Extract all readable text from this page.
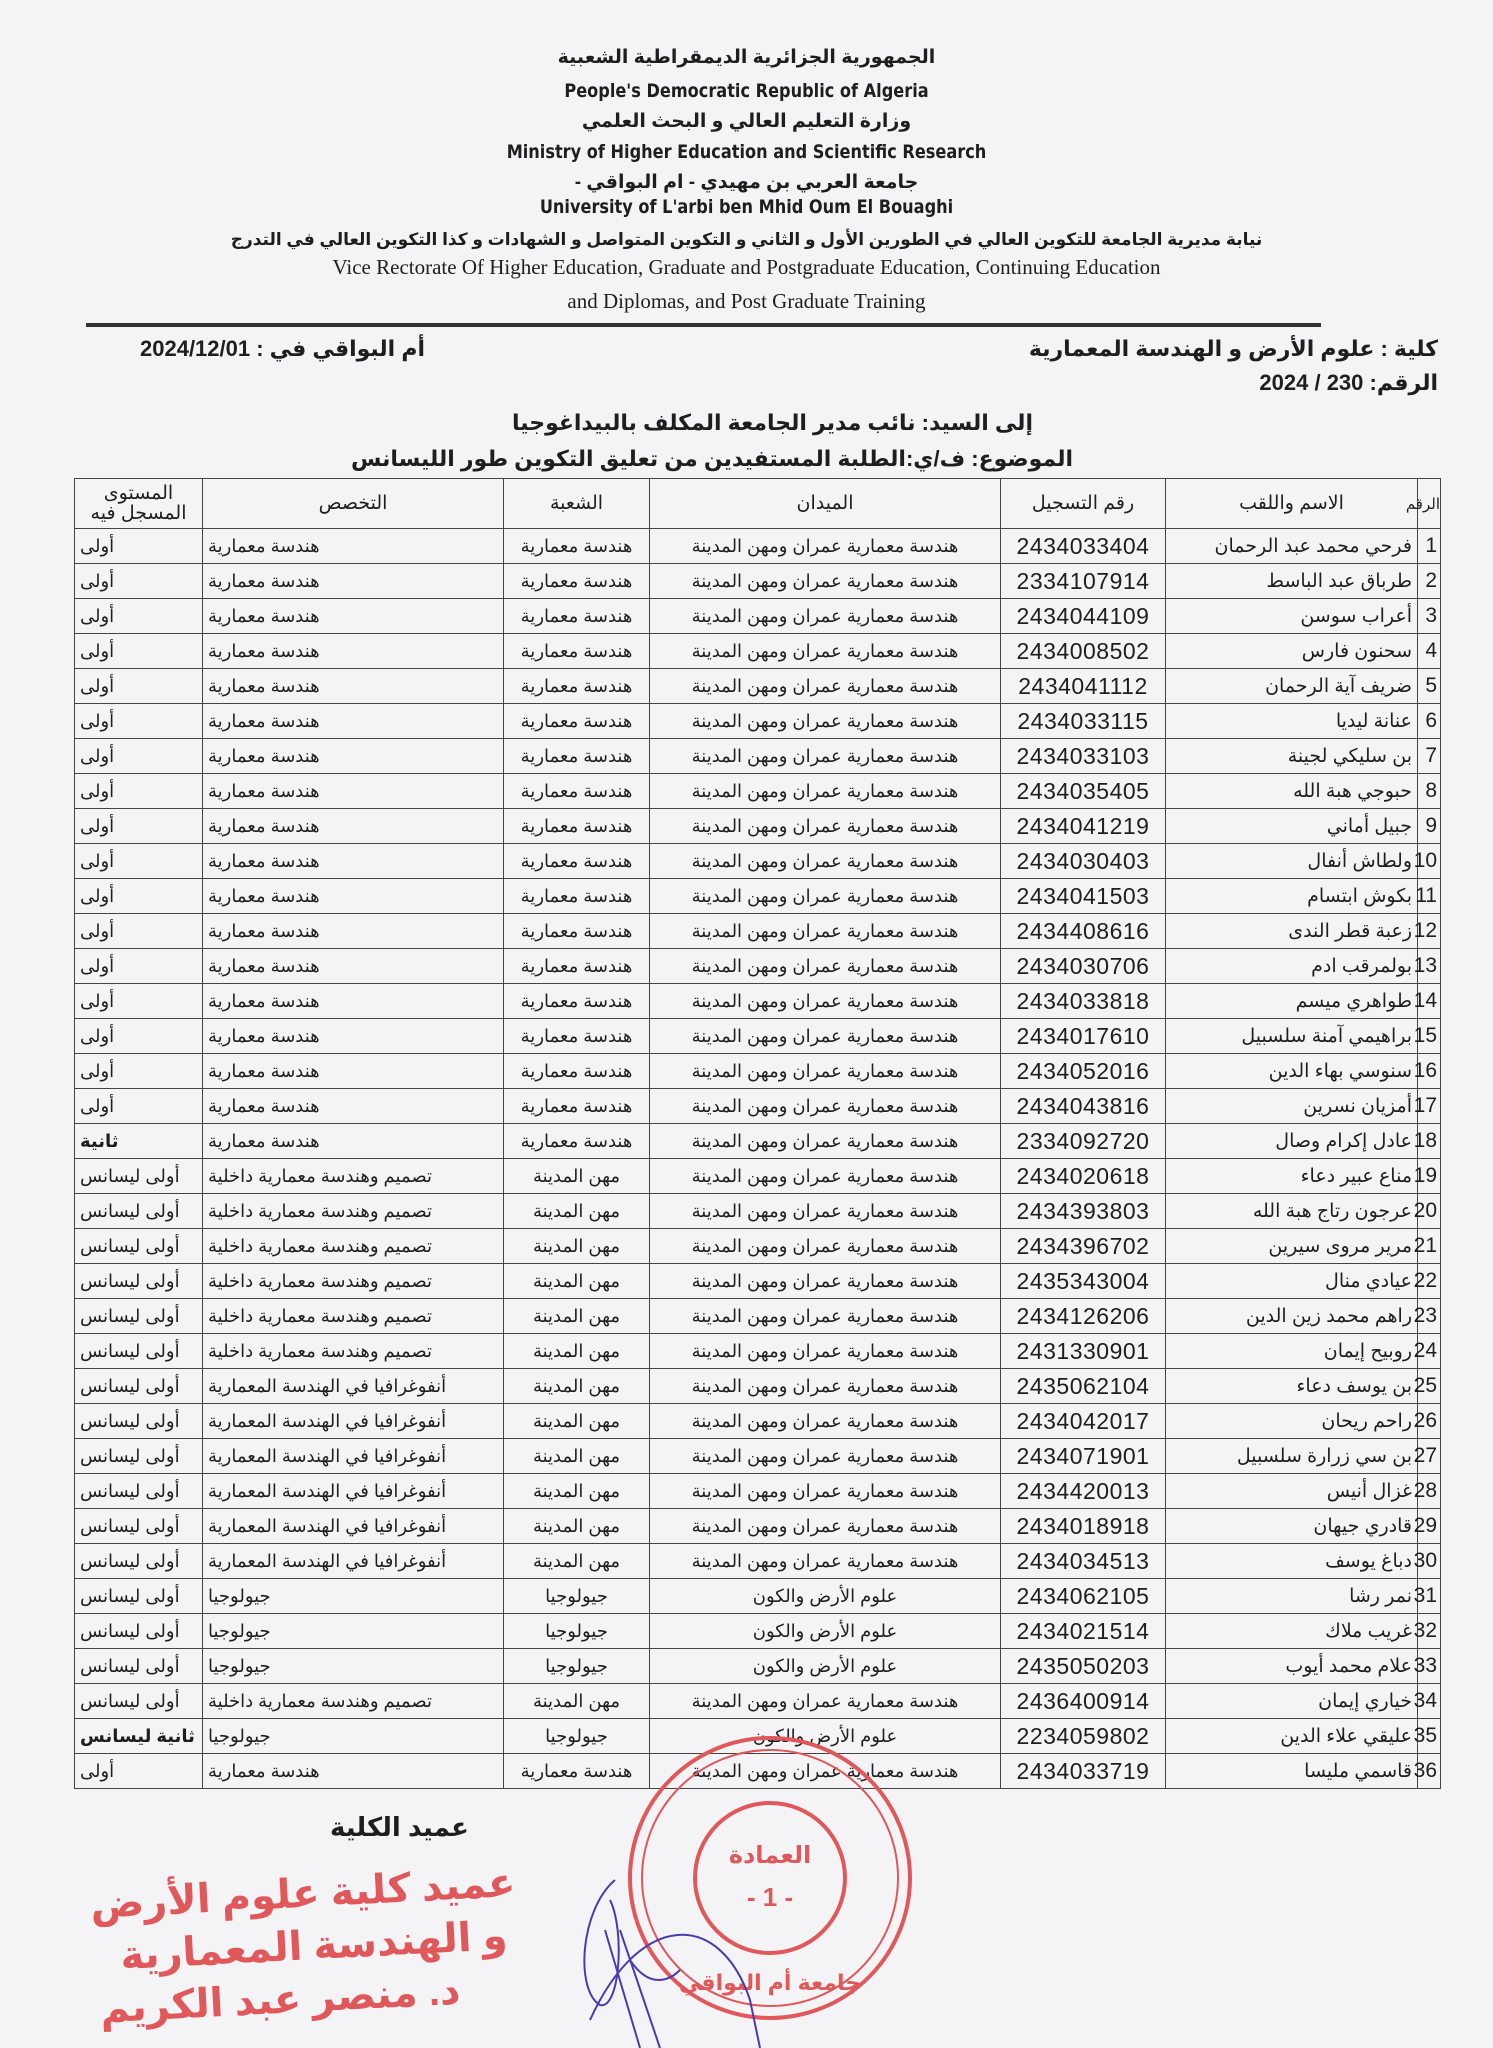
الجمهورية الجزائرية الديمقراطية الشعبية
People's Democratic Republic of Algeria
وزارة التعليم العالي و البحث العلمي
Ministry of Higher Education and Scientific Research
جامعة العربي بن مهيدي - ام البواقي -
University of L'arbi ben Mhid Oum El Bouaghi
نيابة مديرية الجامعة للتكوين العالي في الطورين الأول و الثاني و التكوين المتواصل و الشهادات و كذا التكوين العالي في التدرج
Vice Rectorate Of Higher Education, Graduate and Postgraduate Education, Continuing Education
and Diplomas, and Post Graduate Training
كلية : علوم الأرض و الهندسة المعمارية
الرقم: 230 / 2024
أم البواقي في : 2024/12/01
إلى السيد: نائب مدير الجامعة المكلف بالبيداغوجيا
الموضوع: ف/ي:الطلبة المستفيدين من تعليق التكوين طور الليسانس
الرقم	الاسم واللقب	رقم التسجيل	الميدان	الشعبة	التخصص	المستوى المسجل فيه
1	فرحي محمد عبد الرحمان	2434033404	هندسة معمارية عمران ومهن المدينة	هندسة معمارية	هندسة معمارية	أولى
2	طرباق عبد الباسط	2334107914	هندسة معمارية عمران ومهن المدينة	هندسة معمارية	هندسة معمارية	أولى
3	أعراب سوسن	2434044109	هندسة معمارية عمران ومهن المدينة	هندسة معمارية	هندسة معمارية	أولى
4	سحنون فارس	2434008502	هندسة معمارية عمران ومهن المدينة	هندسة معمارية	هندسة معمارية	أولى
5	ضريف آية الرحمان	2434041112	هندسة معمارية عمران ومهن المدينة	هندسة معمارية	هندسة معمارية	أولى
6	عنانة ليديا	2434033115	هندسة معمارية عمران ومهن المدينة	هندسة معمارية	هندسة معمارية	أولى
7	بن سليكي لجينة	2434033103	هندسة معمارية عمران ومهن المدينة	هندسة معمارية	هندسة معمارية	أولى
8	حبوجي هبة الله	2434035405	هندسة معمارية عمران ومهن المدينة	هندسة معمارية	هندسة معمارية	أولى
9	جبيل أماني	2434041219	هندسة معمارية عمران ومهن المدينة	هندسة معمارية	هندسة معمارية	أولى
10	ولطاش أنفال	2434030403	هندسة معمارية عمران ومهن المدينة	هندسة معمارية	هندسة معمارية	أولى
11	بكوش ابتسام	2434041503	هندسة معمارية عمران ومهن المدينة	هندسة معمارية	هندسة معمارية	أولى
12	زعبة قطر الندى	2434408616	هندسة معمارية عمران ومهن المدينة	هندسة معمارية	هندسة معمارية	أولى
13	بولمرقب ادم	2434030706	هندسة معمارية عمران ومهن المدينة	هندسة معمارية	هندسة معمارية	أولى
14	طواهري ميسم	2434033818	هندسة معمارية عمران ومهن المدينة	هندسة معمارية	هندسة معمارية	أولى
15	براهيمي آمنة سلسبيل	2434017610	هندسة معمارية عمران ومهن المدينة	هندسة معمارية	هندسة معمارية	أولى
16	سنوسي بهاء الدين	2434052016	هندسة معمارية عمران ومهن المدينة	هندسة معمارية	هندسة معمارية	أولى
17	أمزيان نسرين	2434043816	هندسة معمارية عمران ومهن المدينة	هندسة معمارية	هندسة معمارية	أولى
18	عادل إكرام وصال	2334092720	هندسة معمارية عمران ومهن المدينة	هندسة معمارية	هندسة معمارية	ثانية
19	مناع عبير دعاء	2434020618	هندسة معمارية عمران ومهن المدينة	مهن المدينة	تصميم وهندسة معمارية داخلية	أولى ليسانس
20	عرجون رتاج هبة الله	2434393803	هندسة معمارية عمران ومهن المدينة	مهن المدينة	تصميم وهندسة معمارية داخلية	أولى ليسانس
21	مرير مروى سيرين	2434396702	هندسة معمارية عمران ومهن المدينة	مهن المدينة	تصميم وهندسة معمارية داخلية	أولى ليسانس
22	عيادي منال	2435343004	هندسة معمارية عمران ومهن المدينة	مهن المدينة	تصميم وهندسة معمارية داخلية	أولى ليسانس
23	راهم محمد زين الدين	2434126206	هندسة معمارية عمران ومهن المدينة	مهن المدينة	تصميم وهندسة معمارية داخلية	أولى ليسانس
24	روبيح إيمان	2431330901	هندسة معمارية عمران ومهن المدينة	مهن المدينة	تصميم وهندسة معمارية داخلية	أولى ليسانس
25	بن يوسف دعاء	2435062104	هندسة معمارية عمران ومهن المدينة	مهن المدينة	أنفوغرافيا في الهندسة المعمارية	أولى ليسانس
26	راحم ريحان	2434042017	هندسة معمارية عمران ومهن المدينة	مهن المدينة	أنفوغرافيا في الهندسة المعمارية	أولى ليسانس
27	بن سي زرارة سلسبيل	2434071901	هندسة معمارية عمران ومهن المدينة	مهن المدينة	أنفوغرافيا في الهندسة المعمارية	أولى ليسانس
28	غزال أنيس	2434420013	هندسة معمارية عمران ومهن المدينة	مهن المدينة	أنفوغرافيا في الهندسة المعمارية	أولى ليسانس
29	قادري جيهان	2434018918	هندسة معمارية عمران ومهن المدينة	مهن المدينة	أنفوغرافيا في الهندسة المعمارية	أولى ليسانس
30	دباغ يوسف	2434034513	هندسة معمارية عمران ومهن المدينة	مهن المدينة	أنفوغرافيا في الهندسة المعمارية	أولى ليسانس
31	نمر رشا	2434062105	علوم الأرض والكون	جيولوجيا	جيولوجيا	أولى ليسانس
32	غريب ملاك	2434021514	علوم الأرض والكون	جيولوجيا	جيولوجيا	أولى ليسانس
33	علام محمد أيوب	2435050203	علوم الأرض والكون	جيولوجيا	جيولوجيا	أولى ليسانس
34	خياري إيمان	2436400914	هندسة معمارية عمران ومهن المدينة	مهن المدينة	تصميم وهندسة معمارية داخلية	أولى ليسانس
35	عليقي علاء الدين	2234059802	علوم الأرض والكون	جيولوجيا	جيولوجيا	ثانية ليسانس
36	قاسمي مليسا	2434033719	هندسة معمارية عمران ومهن المدينة	هندسة معمارية	هندسة معمارية	أولى
العمادة
- 1 -
جامعة أم البواقي
عميد الكلية
عميد كلية علوم الأرض
و الهندسة المعمارية
د. منصر عبد الكريم
